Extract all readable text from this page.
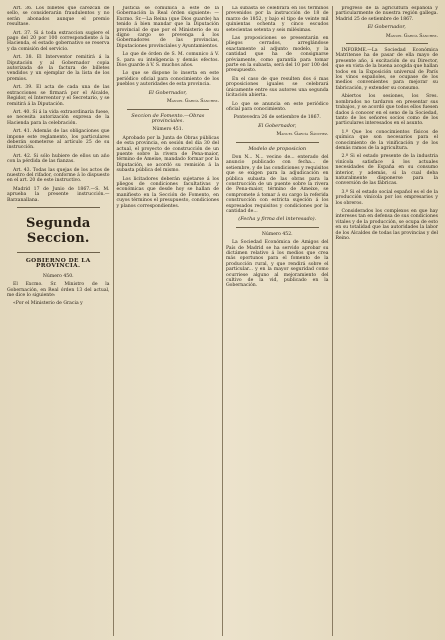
Art. 36. Los billetes que carezcan de sello, se considerarán fraudulentos y no serán abonados aunque el premio resultase.

Art. 37. Si á toda extraccion sugiere el pago del 20 por 100 correspondiente á la Hacienda, el estado gobernativo se reserva y da comisión del servicio.

Art. 38. El Interventor remitirá á la Diputación y al Gobernador copia autorizada de la factura de billetes vendidos y un ejemplar de la lista de los premios.

Art. 39. El acta de cada una de las extracciones se firmará por el Alcalde, Regidor, el Interventor y el Secretario, y se remitirá á la Diputación.

Art. 40. Si á la vida extraordinaria fuese, se necesita autorización expresa de la Hacienda para la celebración.

Art. 41. Además de las obligaciones que impone este reglamento, los particulares deberán someterse al artículo 25 de su instrucción.

Art. 42. Si sólo hubiere de ellos un año con la pérdida de las fianzas.

Art. 43. Todas las quejas de los actos de nuestro del rifador, conforme á lo dispuesto en el art. 20 de este instructivo.

Madrid 17 de Junio de 1867.—S. M. aprueba la presente instrucción.—Barzanallana.

Segunda Seccion.

GOBIERNO DE LA PROVINCIA.

Número 450.

El Excmo. Sr. Ministro de la Gobernación, en Real órden 13 del actual, me dice lo siguiente:

«Por el Ministerio de Gracia y

Justicia se comunica á este de la Gobernación la Real órden siguiente: —Excmo. Sr.—La Reina (que Dios guarde) ha tenido á bien mandar que la Diputación provincial de que por el Ministerio de su digno cargo se prevenga á los Gobernadores de las provincias, Diputaciones provinciales y Ayuntamientos.

Lo que de órden de S. M. comunico á V. S. para su inteligencia y demás efectos. Dios guarde á V. S. muchos años.

Lo que se dispone lo inserta en este periódico oficial para conocimiento de los pueblos y autoridades de esta provincia.

El Gobernador,

Manuel García Sánchez.

Seccion de Fomento.—Obras provinciales.

Número 451.

Aprobado por la Junta de Obras públicas de esta provincia, en sesión del día 30 del actual, el proyecto de construcción de un puente sobre la rivera de Pena-maior, término de Ameixe, mandado formar por la Diputación, se acordó su remisión á la subasta pública del mismo.

Los licitadores deberán sujetarse á los pliegos de condiciones facultativas y económicas que desde hoy se hallan de manifiesto en la Sección de Fomento, en cuyos términos el presupuesto, condiciones y planos correspondientes.

La subasta se celebrará en los términos prevenidos por la instrucción de 18 de marzo de 1852, y bajo el tipo de veinte mil quinientas ochenta y cinco escudos setecientas setenta y seis milésimas.

Las proposiciones se presentarán en pliegos cerrados, arreglándose exactamente al adjunto modelo, y la cantidad que ha de consignarse préviamente, como garantía para tomar parte en la subasta, será del 10 por 100 del presupuesto.

En el caso de que resulten dos ó mas proposiciones iguales se celebrará únicamente entre sus autores una segunda licitación abierta.

Lo que se anuncia en este periódico oficial para conocimiento.

Pontevedra 26 de setiembre de 1867.

El Gobernador,

Manuel García Sánchez.

Modelo de proposicion

Don N... N... vecino de... enterado del anuncio publicado con fecha... de setiembre, y de las condiciones y requisitos que se exigen para la adjudicación en pública subasta de las obras para la construcción de un puente sobre la rivera de Pena-maior, término de Ameixe, se compromete á tomar á su cargo la referida construcción con estricta sujeción á los expresados requisitos y condiciones por la cantidad de...

(Fecha y firma del interesado).

Número 452.

La Sociedad Económica de Amigos del País de Madrid se ha servido aprobar su dictámen relativo á los medios que crea más oportunos para el fomento de la producción rural, y que rendirá sobre el particular... y en la mayor seguridad como ocurriese alguno al mejoramiento del cultivo de la vid, publicado en la Gobernación.

progreso de la agricultura española y particularmente de nuestra región gallega. Madrid 25 de setiembre de 1867.

El Gobernador,

Manuel García Sánchez.

INFORME.—La Sociedad Económica Matritense ha de pasar de ella mayo de presente año, á excitación de su Director, que en vista de la buena acogida que hallan todos en la Exposición universal de París los vinos españoles, se ocupase de los medios convenientes para mejorar su fabricación, y extender su consumo.

Abiertos los sesiones, los Sres. nombrados no tardaron en presentar sus trabajos, y se acordó que todos ellos fuesen dados á conocer en el seno de la Sociedad, tanto de los señores socios como de los particulares interesados en el asunto.

1.º Que los conocimientos físicos de química que son necesarios para el conocimiento de la vinificación y de los demás ramos de la agricultura.

2.º Si el estado presente de la industria vinícola satisface á los actuales necesidades de España en su consumo interior, y además, si la cual deba naturalmente disponerse para la conversión de las fábricas.

3.º Si el estado social español es el de la producción vinícola por los empresarios y los obreros.

Considerados los complexos en que hay intereses tan en defensa de sus condiciones vitales y de la producción, se ocupa de esto en su totalidad que las autoridades la labor de los Alcaldes de todas las provincias y del Reino.
